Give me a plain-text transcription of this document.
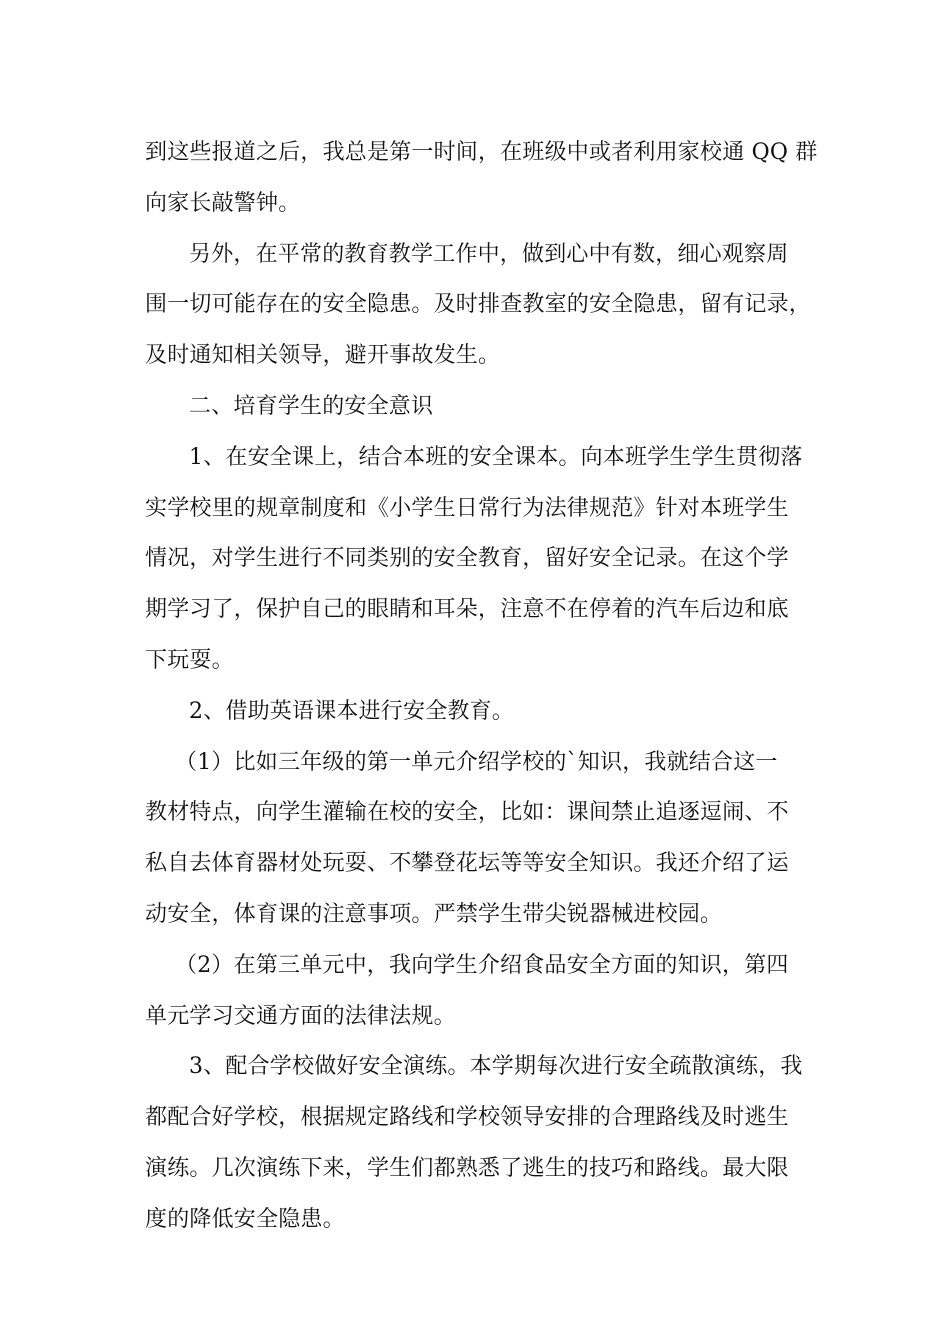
到这些报道之后，我总是第一时间，在班级中或者利用家校通 QQ 群
向家长敲警钟。
另外，在平常的教育教学工作中，做到心中有数，细心观察周
围一切可能存在的安全隐患。及时排查教室的安全隐患，留有记录，
及时通知相关领导，避开事故发生。
二、培育学生的安全意识
1、在安全课上，结合本班的安全课本。向本班学生学生贯彻落
实学校里的规章制度和《小学生日常行为法律规范》针对本班学生
情况，对学生进行不同类别的安全教育，留好安全记录。在这个学
期学习了，保护自己的眼睛和耳朵，注意不在停着的汽车后边和底
下玩耍。
2、借助英语课本进行安全教育。
（1）比如三年级的第一单元介绍学校的`知识，我就结合这一
教材特点，向学生灌输在校的安全，比如：课间禁止追逐逗闹、不
私自去体育器材处玩耍、不攀登花坛等等安全知识。我还介绍了运
动安全，体育课的注意事项。严禁学生带尖锐器械进校园。
（2）在第三单元中，我向学生介绍食品安全方面的知识，第四
单元学习交通方面的法律法规。
3、配合学校做好安全演练。本学期每次进行安全疏散演练，我
都配合好学校，根据规定路线和学校领导安排的合理路线及时逃生
演练。几次演练下来，学生们都熟悉了逃生的技巧和路线。最大限
度的降低安全隐患。
